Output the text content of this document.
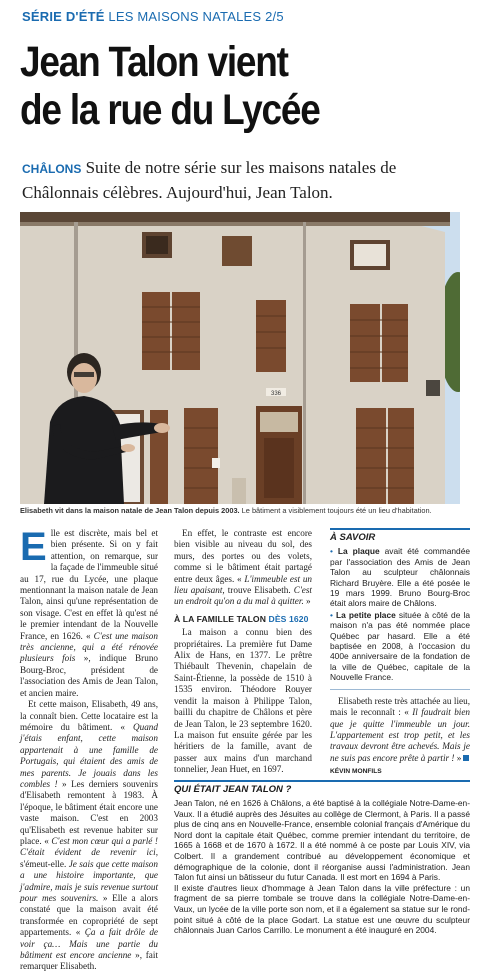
SÉRIE D'ÉTÉ LES MAISONS NATALES 2/5
Jean Talon vient
de la rue du Lycée
CHÂLONS Suite de notre série sur les maisons natales de Châlonnais célèbres. Aujourd'hui, Jean Talon.
336
Elisabeth vit dans la maison natale de Jean Talon depuis 2003. Le bâtiment a visiblement toujours été un lieu d'habitation.

Elle est discrète, mais bel et bien présente. Si on y fait attention, on remarque, sur la façade de l'immeuble situé au 17, rue du Lycée, une plaque mentionnant la maison natale de Jean Talon, ainsi qu'une représentation de son visage. C'est en effet là qu'est né le premier intendant de la Nouvelle France, en 1626. « C'est une maison très ancienne, qui a été rénovée plusieurs fois », indique Bruno Bourg-Broc, président de l'association des Amis de Jean Talon, et ancien maire.

Et cette maison, Elisabeth, 49 ans, la connaît bien. Cette locataire est la mémoire du bâtiment. « Quand j'étais enfant, cette maison appartenait à une famille de Portugais, qui étaient des amis de mes parents. Je jouais dans les combles ! » Les derniers souvenirs d'Elisabeth remontent à 1983. À l'époque, le bâtiment était encore une vaste maison. C'est en 2003 qu'Elisabeth est revenue habiter sur place. « C'est mon cœur qui a parlé ! C'était évident de revenir ici, s'émeut-elle. Je sais que cette maison a une histoire importante, que j'admire, mais je suis revenue surtout pour mes souvenirs. » Elle a alors constaté que la maison avait été transformée en copropriété de sept appartements. « Ça a fait drôle de voir ça… Mais une partie du bâtiment est encore ancienne », fait remarquer Elisabeth.

En effet, le contraste est encore bien visible au niveau du sol, des murs, des portes ou des volets, comme si le bâtiment était partagé entre deux âges. « L'immeuble est un lieu apaisant, trouve Elisabeth. C'est un endroit qu'on a du mal à quitter. »

À LA FAMILLE TALON DÈS 1620

La maison a connu bien des propriétaires. La première fut Dame Alix de Hans, en 1377. Le prêtre Thiébault Thevenin, chapelain de Saint-Étienne, la possède de 1510 à 1535 environ. Théodore Rouyer vendit la maison à Philippe Talon, bailli du chapitre de Châlons et père de Jean Talon, le 23 septembre 1620. La maison fut ensuite gérée par les héritiers de la famille, avant de passer aux mains d'un marchand tonnelier, Jean Huet, en 1697.

À SAVOIR
• La plaque avait été commandée par l'association des Amis de Jean Talon au sculpteur châlonnais Richard Bruyère. Elle a été posée le 19 mars 1999. Bruno Bourg-Broc était alors maire de Châlons.
• La petite place située à côté de la maison n'a pas été nommée place Québec par hasard. Elle a été baptisée en 2008, à l'occasion du 400e anniversaire de la fondation de la ville de Québec, capitale de la Nouvelle France.

Elisabeth reste très attachée au lieu, mais le reconnaît : « Il faudrait bien que je quitte l'immeuble un jour. L'appartement est trop petit, et les travaux devront être achevés. Mais je ne suis pas encore prête à partir ! »

KÉVIN MONFILS
QUI ÉTAIT JEAN TALON ?

Jean Talon, né en 1626 à Châlons, a été baptisé à la collégiale Notre-Dame-en-Vaux. Il a étudié auprès des Jésuites au collège de Clermont, à Paris. Il a passé plus de cinq ans en Nouvelle-France, ensemble colonial français d'Amérique du Nord dont la capitale était Québec, comme premier intendant du territoire, de 1665 à 1668 et de 1670 à 1672. Il a été nommé à ce poste par Louis XIV, via Colbert. Il a grandement contribué au développement économique et démographique de la colonie, dont il réorganise aussi l'administration. Jean Talon fut ainsi un bâtisseur du futur Canada. Il est mort en 1694 à Paris.

Il existe d'autres lieux d'hommage à Jean Talon dans la ville préfecture : un fragment de sa pierre tombale se trouve dans la collégiale Notre-Dame-en-Vaux, un lycée de la ville porte son nom, et il a également sa statue sur le rond-point situé à côté de la place Godart. La statue est une œuvre du sculpteur châlonnais Juan Carlos Carrillo. Le monument a été inauguré en 2004.
